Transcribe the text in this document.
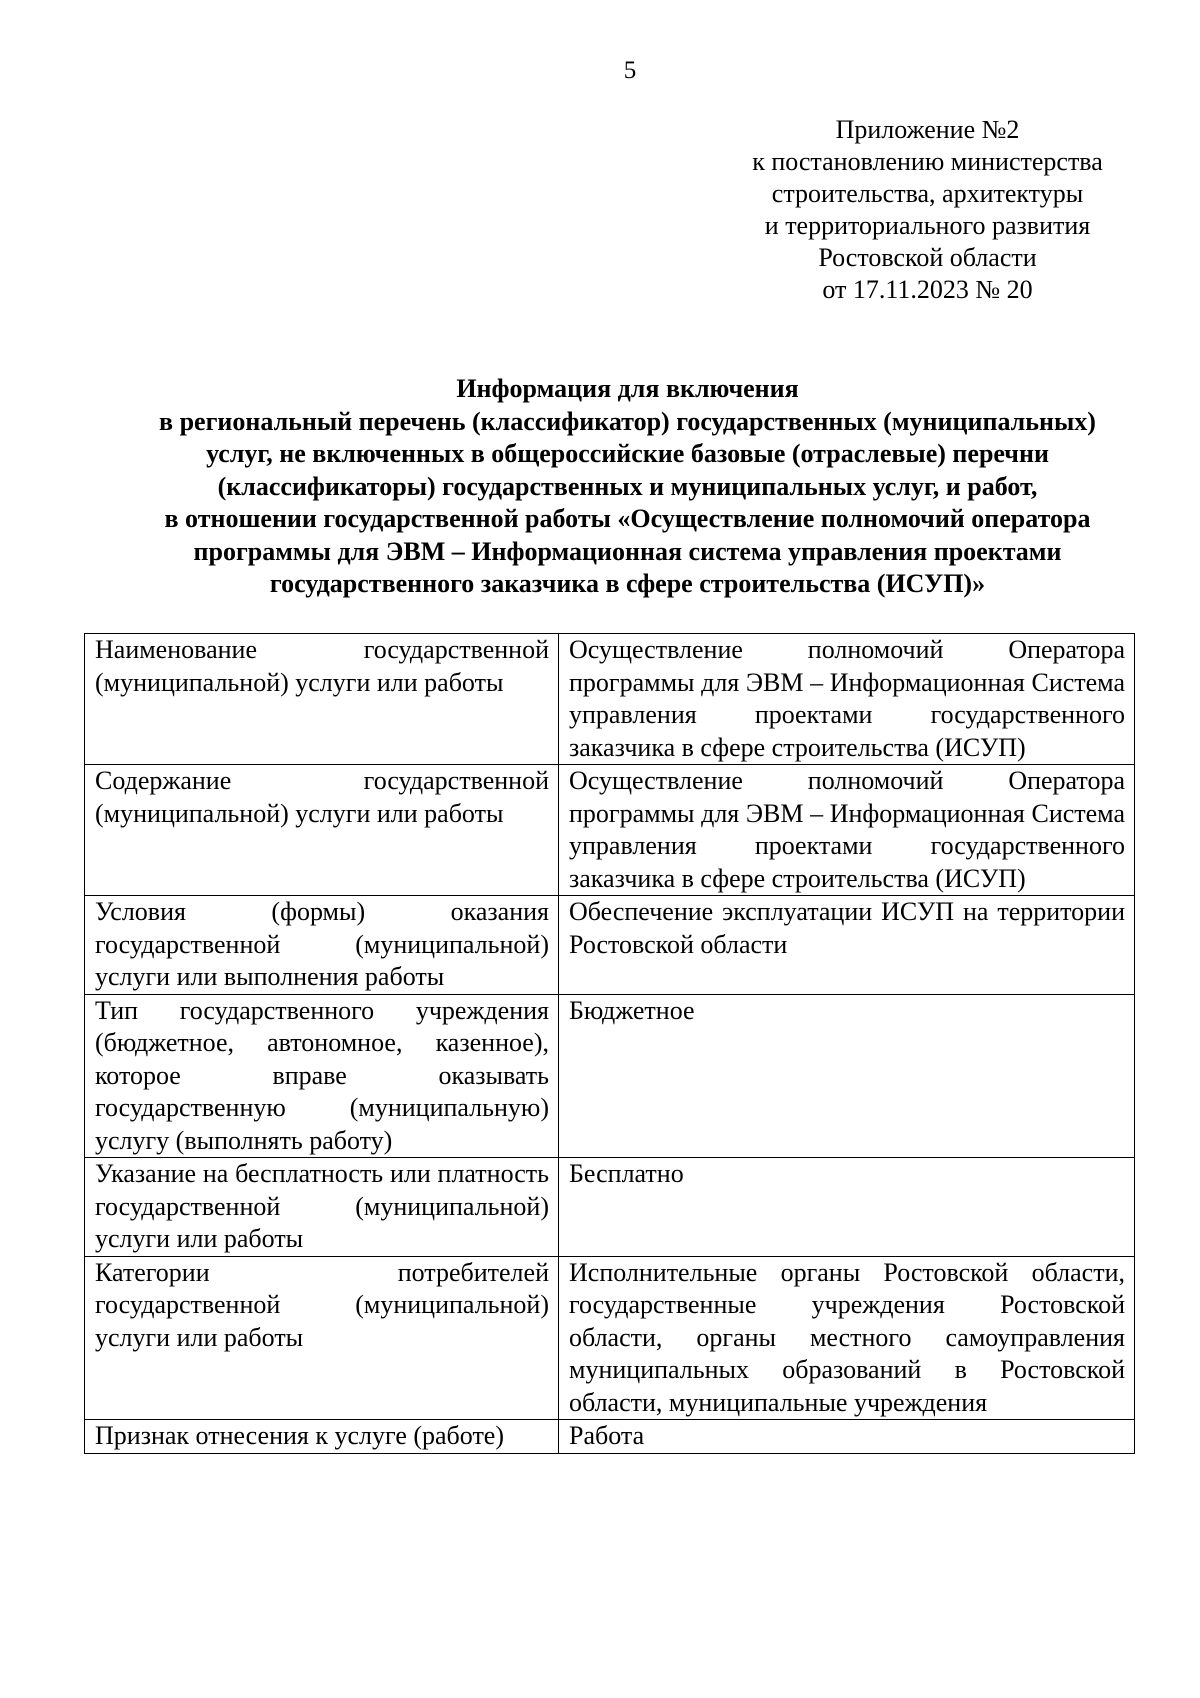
5
Приложение №2
к постановлению министерства
строительства, архитектуры
и территориального развития
Ростовской области
от 17.11.2023 № 20
Информация для включения
в региональный перечень (классификатор) государственных (муниципальных)
услуг, не включенных в общероссийские базовые (отраслевые) перечни
(классификаторы) государственных и муниципальных услуг, и работ,
в отношении государственной работы «Осуществление полномочий оператора
программы для ЭВМ – Информационная система управления проектами
государственного заказчика в сфере строительства (ИСУП)»
Наименование государственной (муниципальной) услуги или работы	Осуществление полномочий Оператора программы для ЭВМ – Информационная Система управления проектами государственного заказчика в сфере строительства (ИСУП)
Содержание государственной (муниципальной) услуги или работы	Осуществление полномочий Оператора программы для ЭВМ – Информационная Система управления проектами государственного заказчика в сфере строительства (ИСУП)
Условия (формы) оказания государственной (муниципальной) услуги или выполнения работы	Обеспечение эксплуатации ИСУП на территории Ростовской области
Тип государственного учреждения (бюджетное, автономное, казенное), которое вправе оказывать государственную (муниципальную) услугу (выполнять работу)	Бюджетное
Указание на бесплатность или платность государственной (муниципальной) услуги или работы	Бесплатно
Категории потребителей государственной (муниципальной) услуги или работы	Исполнительные органы Ростовской области, государственные учреждения Ростовской области, органы местного самоуправления муниципальных образований в Ростовской области, муниципальные учреждения
Признак отнесения к услуге (работе)	Работа
